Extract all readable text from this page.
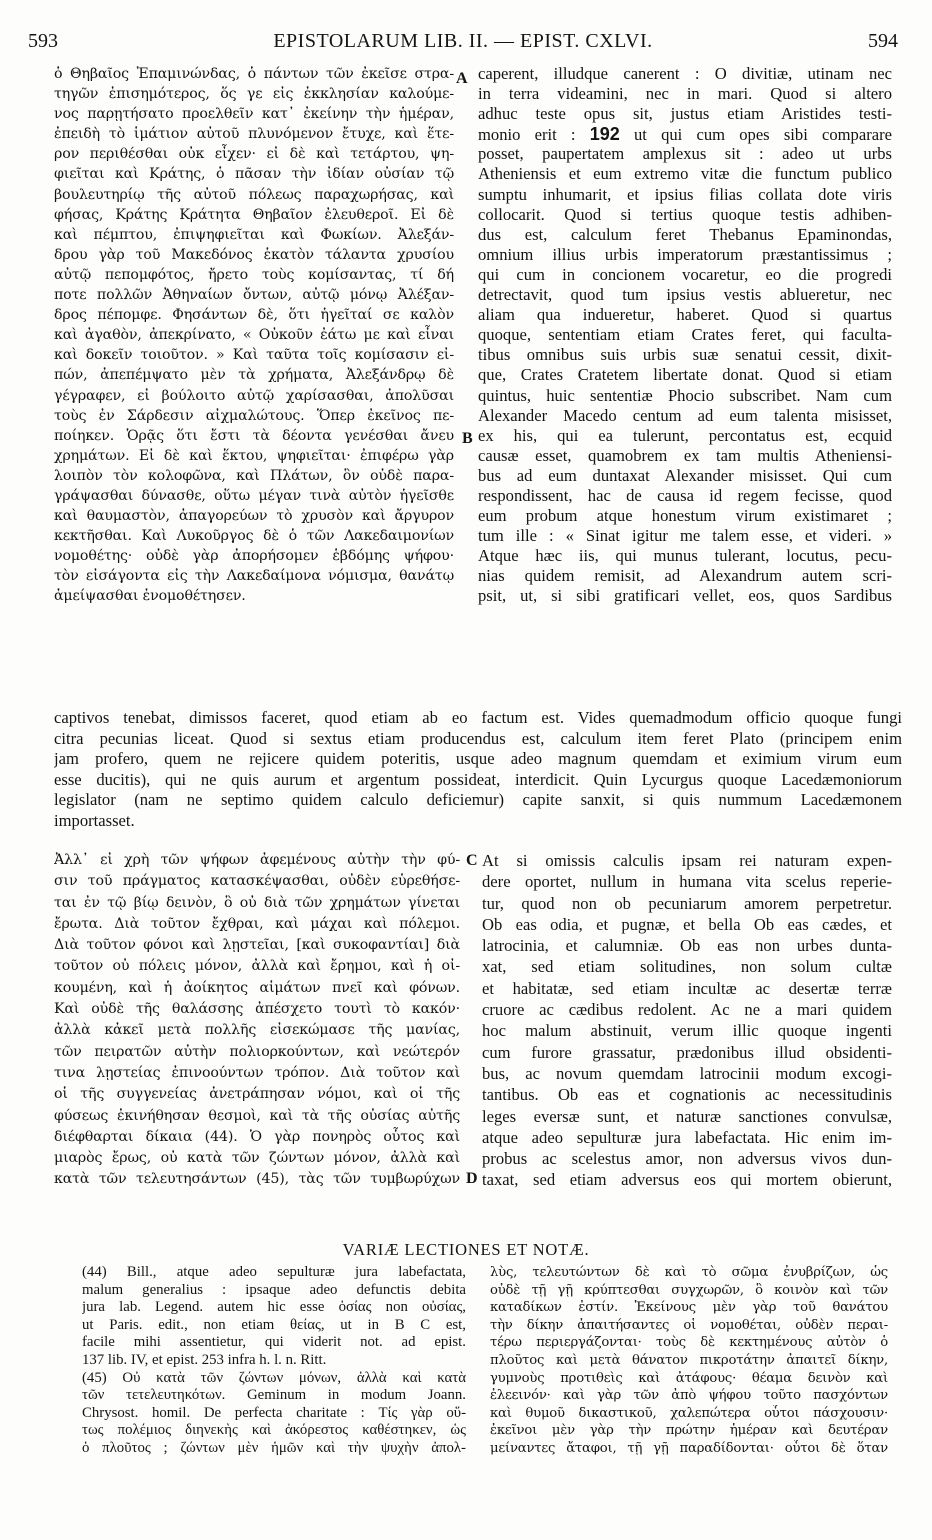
593	EPISTOLARUM LIB. II. — EPIST. CXLVI.	594
ὁ Θηβαῖος Ἐπαμινώνδας, ὁ πάντων τῶν ἐκεῖσε στρα-
τηγῶν ἐπισημότερος, ὅς γε εἰς ἐκκλησίαν καλούμε-
νος παρῃτήσατο προελθεῖν κατ᾽ ἐκείνην τὴν ἡμέραν,
ἐπειδὴ τὸ ἱμάτιον αὐτοῦ πλυνόμενον ἔτυχε, καὶ ἕτε-
ρον περιθέσθαι οὐκ εἶχεν· εἰ δὲ καὶ τετάρτου, ψη-
φιεῖται καὶ Κράτης, ὁ πᾶσαν τὴν ἰδίαν οὐσίαν τῷ
βουλευτηρίῳ τῆς αὐτοῦ πόλεως παραχωρήσας, καὶ
φήσας, Κράτης Κράτητα Θηβαῖον ἐλευθεροῖ. Εἰ δὲ
καὶ πέμπτου, ἐπιψηφιεῖται καὶ Φωκίων. Ἀλεξάν-
δρου γὰρ τοῦ Μακεδόνος ἑκατὸν τάλαντα χρυσίου
αὐτῷ πεπομφότος, ἤρετο τοὺς κομίσαντας, τί δή
ποτε πολλῶν Ἀθηναίων ὄντων, αὐτῷ μόνῳ Ἀλέξαν-
δρος πέπομφε. Φησάντων δὲ, ὅτι ἡγεῖταί σε καλὸν
καὶ ἀγαθὸν, ἀπεκρίνατο, « Οὐκοῦν ἐάτω με καὶ εἶναι
καὶ δοκεῖν τοιοῦτον. » Καὶ ταῦτα τοῖς κομίσασιν εἰ-
πών, ἀπεπέμψατο μὲν τὰ χρήματα, Ἀλεξάνδρῳ δὲ
γέγραφεν, εἰ βούλοιτο αὐτῷ χαρίσασθαι, ἀπολῦσαι
τοὺς ἐν Σάρδεσιν αἰχμαλώτους. Ὅπερ ἐκεῖνος πε-
ποίηκεν. Ὁρᾷς ὅτι ἔστι τὰ δέοντα γενέσθαι ἄνευ
χρημάτων. Εἰ δὲ καὶ ἕκτου, ψηφιεῖται· ἐπιφέρω γὰρ
λοιπὸν τὸν κολοφῶνα, καὶ Πλάτων, ὃν οὐδὲ παρα-
γράψασθαι δύνασθε, οὕτω μέγαν τινὰ αὐτὸν ἡγεῖσθε
καὶ θαυμαστὸν, ἀπαγορεύων τὸ χρυσὸν καὶ ἄργυρον
κεκτῆσθαι. Καὶ Λυκοῦργος δὲ ὁ τῶν Λακεδαιμονίων
νομοθέτης· οὐδὲ γὰρ ἀπορήσομεν ἑβδόμης ψήφου·
τὸν εἰσάγοντα εἰς τὴν Λακεδαίμονα νόμισμα, θανάτῳ
ἀμείψασθαι ἐνομοθέτησεν.
caperent, illudque canerent : O divitiæ, utinam nec
in terra videamini, nec in mari. Quod si altero
adhuc teste opus sit, justus etiam Aristides testi-
monio erit : 192 ut qui cum opes sibi comparare
posset, paupertatem amplexus sit : adeo ut urbs
Atheniensis et eum extremo vitæ die functum publico
sumptu inhumarit, et ipsius filias collata dote viris
collocarit. Quod si tertius quoque testis adhiben-
dus est, calculum feret Thebanus Epaminondas,
omnium illius urbis imperatorum præstantissimus ;
qui cum in concionem vocaretur, eo die progredi
detrectavit, quod tum ipsius vestis ablueretur, nec
aliam qua indueretur, haberet. Quod si quartus
quoque, sententiam etiam Crates feret, qui faculta-
tibus omnibus suis urbis suæ senatui cessit, dixit-
que, Crates Cratetem libertate donat. Quod si etiam
quintus, huic sententiæ Phocio subscribet. Nam cum
Alexander Macedo centum ad eum talenta misisset,
ex his, qui ea tulerunt, percontatus est, ecquid
causæ esset, quamobrem ex tam multis Atheniensi-
bus ad eum duntaxat Alexander misisset. Qui cum
respondissent, hac de causa id regem fecisse, quod
eum probum atque honestum virum existimaret ;
tum ille : « Sinat igitur me talem esse, et videri. »
Atque hæc iis, qui munus tulerant, locutus, pecu-
nias quidem remisit, ad Alexandrum autem scri-
psit, ut, si sibi gratificari vellet, eos, quos Sardibus
A
B
captivos tenebat, dimissos faceret, quod etiam ab eo factum est. Vides quemadmodum officio quoque fungi
citra pecunias liceat. Quod si sextus etiam producendus est, calculum item feret Plato (principem enim
jam profero, quem ne rejicere quidem poteritis, usque adeo magnum quemdam et eximium virum eum
esse ducitis), qui ne quis aurum et argentum possideat, interdicit. Quin Lycurgus quoque Lacedæmoniorum
legislator (nam ne septimo quidem calculo deficiemur) capite sanxit, si quis nummum Lacedæmonem
importasset.
Ἀλλ᾽ εἰ χρὴ τῶν ψήφων ἀφεμένους αὐτὴν τὴν φύ-
σιν τοῦ πράγματος κατασκέψασθαι, οὐδὲν εὑρεθήσε-
ται ἐν τῷ βίῳ δεινὸν, ὃ οὐ διὰ τῶν χρημάτων γίνεται
ἔρωτα. Διὰ τοῦτον ἔχθραι, καὶ μάχαι καὶ πόλεμοι.
Διὰ τοῦτον φόνοι καὶ λῃστεῖαι, [καὶ συκοφαντίαι] διὰ
τοῦτον οὐ πόλεις μόνον, ἀλλὰ καὶ ἔρημοι, καὶ ἡ οἰ-
κουμένη, καὶ ἡ ἀοίκητος αἱμάτων πνεῖ καὶ φόνων.
Καὶ οὐδὲ τῆς θαλάσσης ἀπέσχετο τουτὶ τὸ κακόν·
ἀλλὰ κἀκεῖ μετὰ πολλῆς εἰσεκώμασε τῆς μανίας,
τῶν πειρατῶν αὐτὴν πολιορκούντων, καὶ νεώτερόν
τινα λῃστείας ἐπινοούντων τρόπον. Διὰ τοῦτον καὶ
οἱ τῆς συγγενείας ἀνετράπησαν νόμοι, καὶ οἱ τῆς
φύσεως ἐκινήθησαν θεσμοὶ, καὶ τὰ τῆς οὐσίας αὐτῆς
διέφθαρται δίκαια (44). Ὁ γὰρ πονηρὸς οὗτος καὶ
μιαρὸς ἔρως, οὐ κατὰ τῶν ζώντων μόνον, ἀλλὰ καὶ
κατὰ τῶν τελευτησάντων (45), τὰς τῶν τυμβωρύχων
At si omissis calculis ipsam rei naturam expen-
dere oportet, nullum in humana vita scelus reperie-
tur, quod non ob pecuniarum amorem perpetretur.
Ob eas odia, et pugnæ, et bella Ob eas cædes, et
latrocinia, et calumniæ. Ob eas non urbes dunta-
xat, sed etiam solitudines, non solum cultæ
et habitatæ, sed etiam incultæ ac desertæ terræ
cruore ac cædibus redolent. Ac ne a mari quidem
hoc malum abstinuit, verum illic quoque ingenti
cum furore grassatur, prædonibus illud obsidenti-
bus, ac novum quemdam latrocinii modum excogi-
tantibus. Ob eas et cognationis ac necessitudinis
leges eversæ sunt, et naturæ sanctiones convulsæ,
atque adeo sepulturæ jura labefactata. Hic enim im-
probus ac scelestus amor, non adversus vivos dun-
taxat, sed etiam adversus eos qui mortem obierunt,
C
D
VARIÆ LECTIONES ET NOTÆ.
(44) Bill., atque adeo sepulturæ jura labefactata,
malum generalius : ipsaque adeo defunctis debita
jura lab. Legend. autem hic esse ὁσίας non οὐσίας,
ut Paris. edit., non etiam θείας, ut in B C est,
facile mihi assentietur, qui viderit not. ad epist.
137 lib. IV, et epist. 253 infra h. l. n. Ritt.
(45) Οὐ κατὰ τῶν ζώντων μόνων, ἀλλὰ καὶ κατὰ
τῶν τετελευτηκότων. Geminum in modum Joann.
Chrysost. homil. De perfecta charitate : Τίς γὰρ οὕ-
τως πολέμιος διηνεκὴς καὶ ἀκόρεστος καθέστηκεν, ὡς
ὁ πλοῦτος ; ζώντων μὲν ἡμῶν καὶ τὴν ψυχὴν ἀπολ-
λὺς, τελευτώντων δὲ καὶ τὸ σῶμα ἐνυβρίζων, ὡς
οὐδὲ τῇ γῇ κρύπτεσθαι συγχωρῶν, ὃ κοινὸν καὶ τῶν
καταδίκων ἐστίν. Ἐκείνους μὲν γὰρ τοῦ θανάτου
τὴν δίκην ἀπαιτήσαντες οἱ νομοθέται, οὐδὲν περαι-
τέρω περιεργάζονται· τοὺς δὲ κεκτημένους αὐτὸν ὁ
πλοῦτος καὶ μετὰ θάνατον πικροτάτην ἀπαιτεῖ δίκην,
γυμνοὺς προτιθεὶς καὶ ἀτάφους· θέαμα δεινὸν καὶ
ἐλεεινόν· καὶ γὰρ τῶν ἀπὸ ψήφου τοῦτο πασχόντων
καὶ θυμοῦ δικαστικοῦ, χαλεπώτερα οὗτοι πάσχουσιν·
ἐκεῖνοι μὲν γὰρ τὴν πρώτην ἡμέραν καὶ δευτέραν
μείναντες ἄταφοι, τῇ γῇ παραδίδονται· οὗτοι δὲ ὅταν
